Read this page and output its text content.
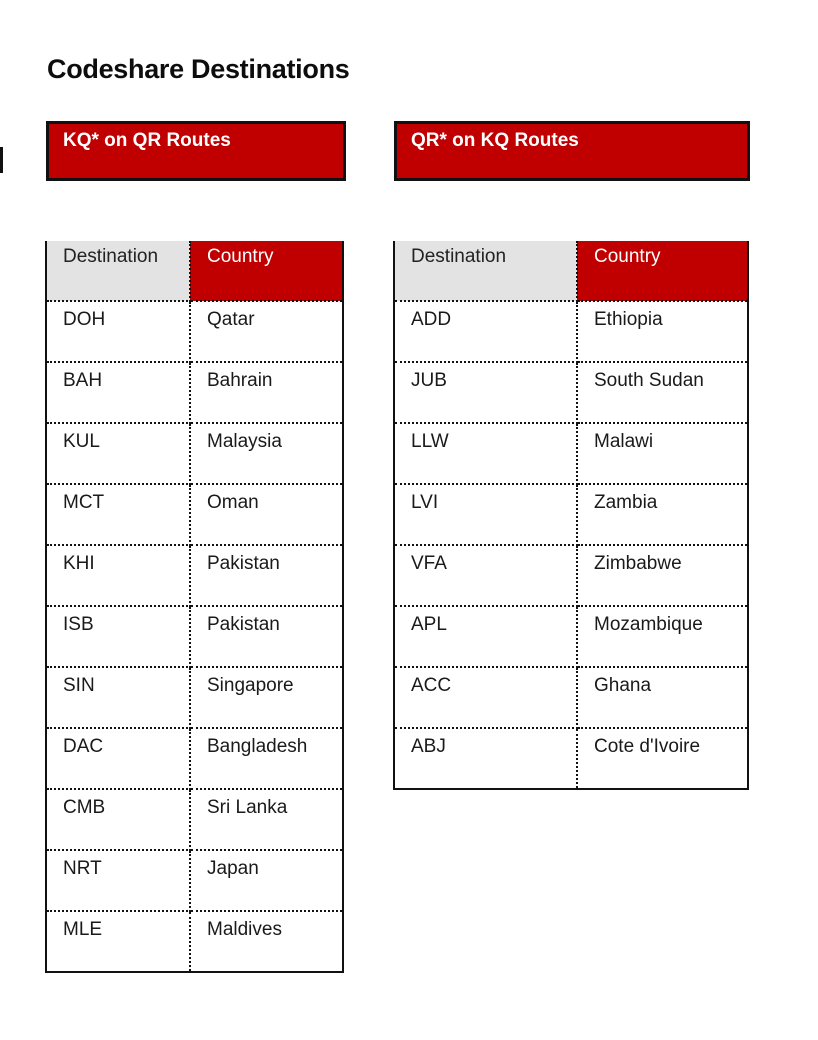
Codeshare Destinations
KQ* on QR Routes	QR* on KQ Routes
Destination	Country
DOH	Qatar
BAH	Bahrain
KUL	Malaysia
MCT	Oman
KHI	Pakistan
ISB	Pakistan
SIN	Singapore
DAC	Bangladesh
CMB	Sri Lanka
NRT	Japan
MLE	Maldives
Destination	Country
ADD	Ethiopia
JUB	South Sudan
LLW	Malawi
LVI	Zambia
VFA	Zimbabwe
APL	Mozambique
ACC	Ghana
ABJ	Cote d'Ivoire
